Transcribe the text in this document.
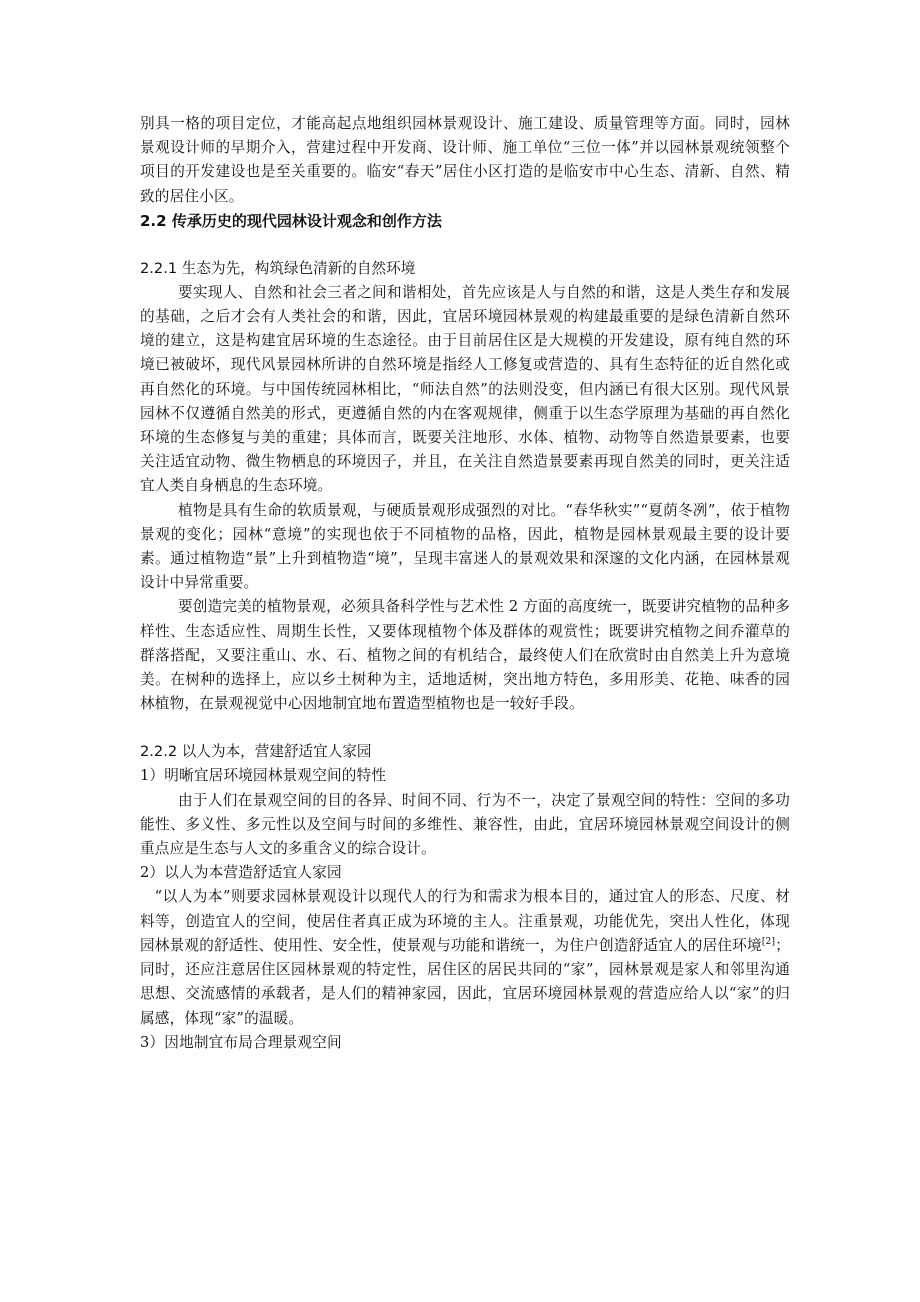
别具一格的项目定位，才能高起点地组织园林景观设计、施工建设、质量管理等方面。同时，园林景观设计师的早期介入，营建过程中开发商、设计师、施工单位“三位一体”并以园林景观统领整个项目的开发建设也是至关重要的。临安“春天”居住小区打造的是临安市中心生态、清新、自然、精致的居住小区。

2.2 传承历史的现代园林设计观念和创作方法

2.2.1 生态为先，构筑绿色清新的自然环境

要实现人、自然和社会三者之间和谐相处，首先应该是人与自然的和谐，这是人类生存和发展的基础，之后才会有人类社会的和谐，因此，宜居环境园林景观的构建最重要的是绿色清新自然环境的建立，这是构建宜居环境的生态途径。由于目前居住区是大规模的开发建设，原有纯自然的环境已被破坏，现代风景园林所讲的自然环境是指经人工修复或营造的、具有生态特征的近自然化或再自然化的环境。与中国传统园林相比，“师法自然”的法则没变，但内涵已有很大区别。现代风景园林不仅遵循自然美的形式，更遵循自然的内在客观规律，侧重于以生态学原理为基础的再自然化环境的生态修复与美的重建；具体而言，既要关注地形、水体、植物、动物等自然造景要素，也要关注适宜动物、微生物栖息的环境因子，并且，在关注自然造景要素再现自然美的同时，更关注适宜人类自身栖息的生态环境。

植物是具有生命的软质景观，与硬质景观形成强烈的对比。“春华秋实”“夏荫冬冽”，依于植物景观的变化；园林“意境”的实现也依于不同植物的品格，因此，植物是园林景观最主要的设计要素。通过植物造“景”上升到植物造“境”，呈现丰富迷人的景观效果和深邃的文化内涵，在园林景观设计中异常重要。

要创造完美的植物景观，必须具备科学性与艺术性 2 方面的高度统一，既要讲究植物的品种多样性、生态适应性、周期生长性，又要体现植物个体及群体的观赏性；既要讲究植物之间乔灌草的群落搭配，又要注重山、水、石、植物之间的有机结合，最终使人们在欣赏时由自然美上升为意境美。在树种的选择上，应以乡土树种为主，适地适树，突出地方特色，多用形美、花艳、味香的园林植物，在景观视觉中心因地制宜地布置造型植物也是一较好手段。

2.2.2 以人为本，营建舒适宜人家园

1）明晰宜居环境园林景观空间的特性

由于人们在景观空间的目的各异、时间不同、行为不一，决定了景观空间的特性：空间的多功能性、多义性、多元性以及空间与时间的多维性、兼容性，由此，宜居环境园林景观空间设计的侧重点应是生态与人文的多重含义的综合设计。

2）以人为本营造舒适宜人家园

“以人为本”则要求园林景观设计以现代人的行为和需求为根本目的，通过宜人的形态、尺度、材料等，创造宜人的空间，使居住者真正成为环境的主人。注重景观，功能优先，突出人性化，体现园林景观的舒适性、使用性、安全性，使景观与功能和谐统一，为住户创造舒适宜人的居住环境[2]；同时，还应注意居住区园林景观的特定性，居住区的居民共同的“家”，园林景观是家人和邻里沟通思想、交流感情的承载者，是人们的精神家园，因此，宜居环境园林景观的营造应给人以“家”的归属感，体现“家”的温暖。

3）因地制宜布局合理景观空间
